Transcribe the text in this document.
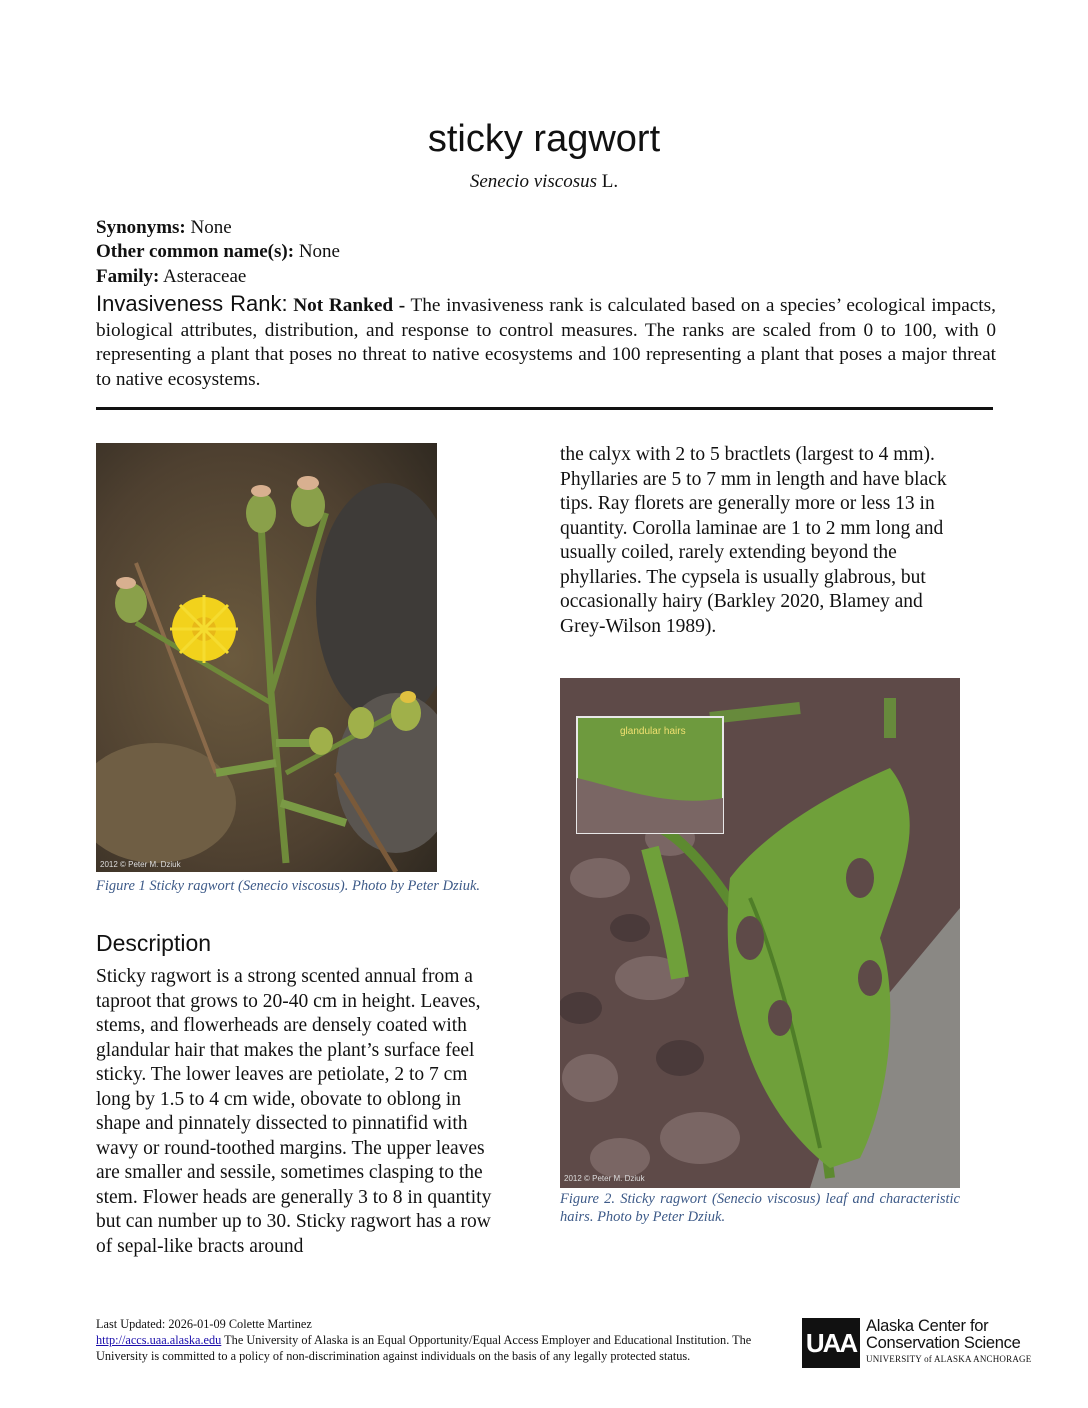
sticky ragwort
Senecio viscosus L.
Synonyms: None
Other common name(s): None
Family: Asteraceae
Invasiveness Rank: Not Ranked - The invasiveness rank is calculated based on a species’ ecological impacts, biological attributes, distribution, and response to control measures. The ranks are scaled from 0 to 100, with 0 representing a plant that poses no threat to native ecosystems and 100 representing a plant that poses a major threat to native ecosystems.
2012 © Peter M. Dziuk
Figure 1 Sticky ragwort (Senecio viscosus). Photo by Peter Dziuk.
Description
Sticky ragwort is a strong scented annual from a taproot that grows to 20-40 cm in height. Leaves, stems, and flowerheads are densely coated with glandular hair that makes the plant’s surface feel sticky. The lower leaves are petiolate, 2 to 7 cm long by 1.5 to 4 cm wide, obovate to oblong in shape and pinnately dissected to pinnatifid with wavy or round-toothed margins. The upper leaves are smaller and sessile, sometimes clasping to the stem. Flower heads are generally 3 to 8 in quantity but can number up to 30. Sticky ragwort has a row of sepal-like bracts around
the calyx with 2 to 5 bractlets (largest to 4 mm). Phyllaries are 5 to 7 mm in length and have black tips. Ray florets are generally more or less 13 in quantity. Corolla laminae are 1 to 2 mm long and usually coiled, rarely extending beyond the phyllaries. The cypsela is usually glabrous, but occasionally hairy (Barkley 2020, Blamey and Grey-Wilson 1989).
glandular hairs
2012 © Peter M. Dziuk
Figure 2. Sticky ragwort (Senecio viscosus) leaf and characteristic hairs. Photo by Peter Dziuk.
Last Updated: 2026-01-09 Colette Martinez
http://accs.uaa.alaska.edu The University of Alaska is an Equal Opportunity/Equal Access Employer and Educational Institution. The University is committed to a policy of non-discrimination against individuals on the basis of any legally protected status.	UAA
Alaska Center for
Conservation Science
UNIVERSITY of ALASKA ANCHORAGE
